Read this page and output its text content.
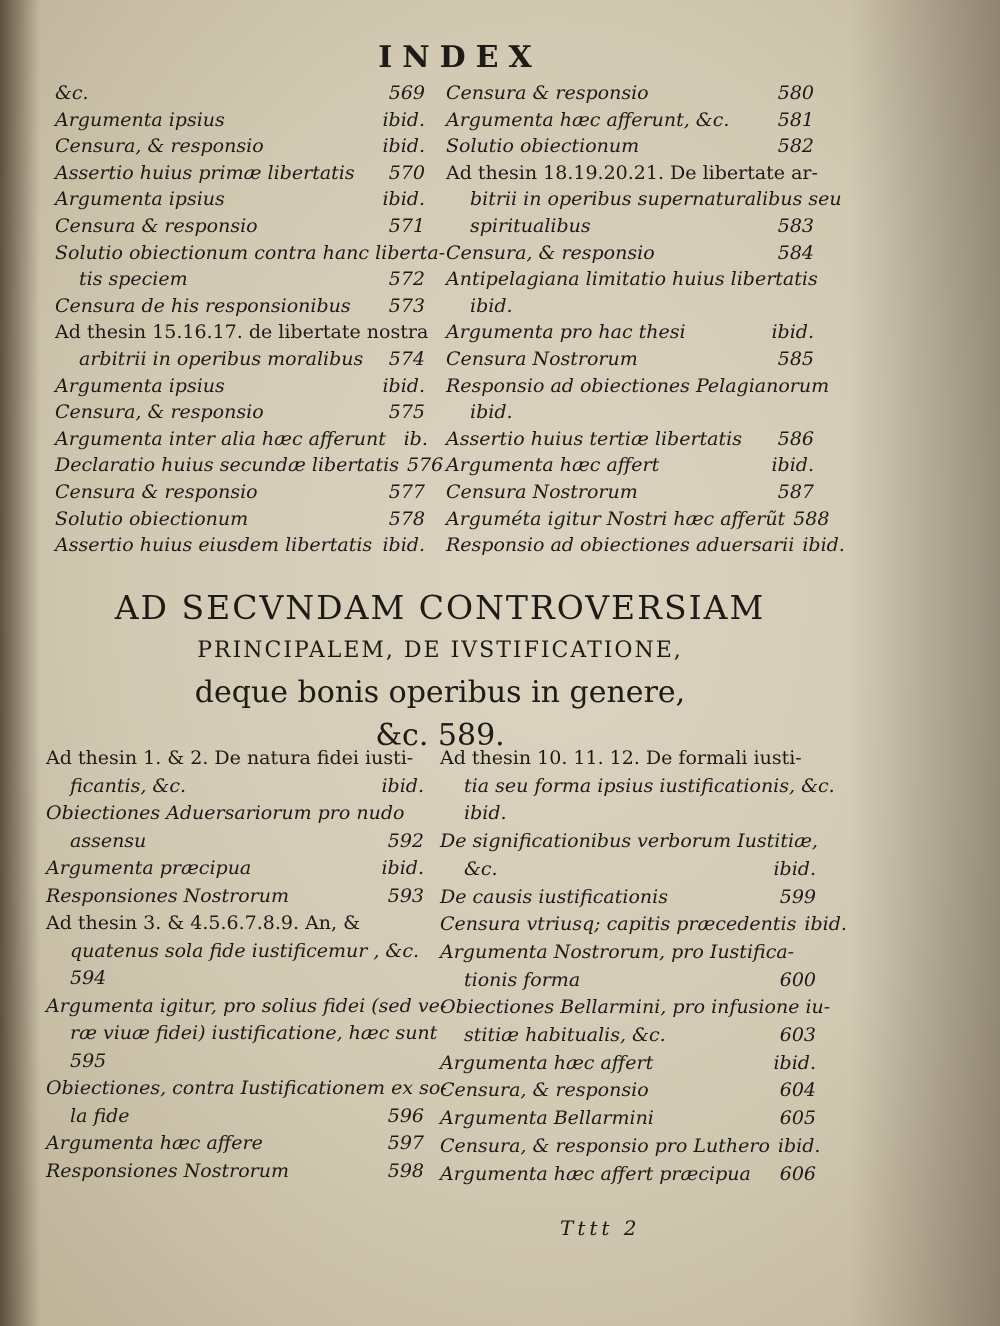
INDEX
&c.	569
Argumenta ipsius	ibid.
Censura, & responsio	ibid.
Assertio huius primæ libertatis	570
Argumenta ipsius	ibid.
Censura & responsio	571
Solutio obiectionum contra hanc liberta-
tis speciem	572
Censura de his responsionibus	573
Ad thesin 15.16.17. de libertate nostra
arbitrii in operibus moralibus	574
Argumenta ipsius	ibid.
Censura, & responsio	575
Argumenta inter alia hæc afferunt ib.
Declaratio huius secundæ libertatis 576
Censura & responsio	577
Solutio obiectionum	578
Assertio huius eiusdem libertatis ibid.
Censura & responsio	580
Argumenta hæc afferunt, &c.	581
Solutio obiectionum	582
Ad thesin 18.19.20.21. De libertate ar-
bitrii in operibus supernaturalibus seu
spiritualibus	583
Censura, & responsio	584
Antipelagiana limitatio huius libertatis
ibid.
Argumenta pro hac thesi	ibid.
Censura Nostrorum	585
Responsio ad obiectiones Pelagianorum
ibid.
Assertio huius tertiæ libertatis	586
Argumenta hæc affert	ibid.
Censura Nostrorum	587
Arguméta igitur Nostri hæc afferũt 588
Responsio ad obiectiones aduersarii ibid.
AD SECVNDAM CONTROVERSIAM
PRINCIPALEM, DE IVSTIFICATIONE,
deque bonis operibus in genere,
&c. 589.
Ad thesin 1. & 2. De natura fidei iusti-
ficantis, &c.	ibid.
Obiectiones Aduersariorum pro nudo
assensu	592
Argumenta præcipua	ibid.
Responsiones Nostrorum	593
Ad thesin 3. & 4.5.6.7.8.9. An, &
quatenus sola fide iustificemur , &c.
594
Argumenta igitur, pro solius fidei (sed ve-
ræ viuæ fidei) iustificatione, hæc sunt
595
Obiectiones, contra Iustificationem ex so-
la fide	596
Argumenta hæc affere	597
Responsiones Nostrorum	598
Ad thesin 10. 11. 12. De formali iusti-
tia seu forma ipsius iustificationis, &c.
ibid.
De significationibus verborum Iustitiæ,
&c.	ibid.
De causis iustificationis	599
Censura vtriusq; capitis præcedentis ibid.
Argumenta Nostrorum, pro Iustifica-
tionis forma	600
Obiectiones Bellarmini, pro infusione iu-
stitiæ habitualis, &c.	603
Argumenta hæc affert	ibid.
Censura, & responsio	604
Argumenta Bellarmini	605
Censura, & responsio pro Luthero ibid.
Argumenta hæc affert præcipua	606
Tttt 2
